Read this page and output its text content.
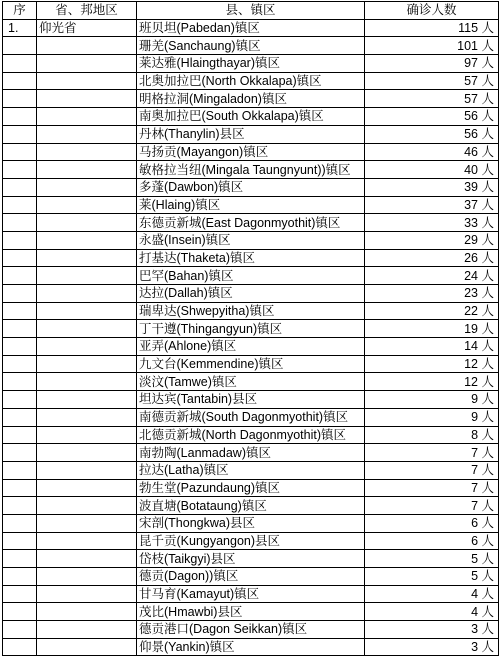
序	省、邦地区	县、镇区	确诊人数
1.	仰光省	班贝坦(Pabedan)镇区	115 人
		珊羌(Sanchaung)镇区	101 人
		莱达雅(Hlaingthayar)镇区	97 人
		北奥加拉巴(North Okkalapa)镇区	57 人
		明格拉洞(Mingaladon)镇区	57 人
		南奥加拉巴(South Okkalapa)镇区	56 人
		丹林(Thanylin)县区	56 人
		马扬贡(Mayangon)镇区	46 人
		敏格拉当纽(Mingala Taungnyunt))镇区	40 人
		多蓬(Dawbon)镇区	39 人
		莱(Hlaing)镇区	37 人
		东德贡新城(East Dagonmyothit)镇区	33 人
		永盛(Insein)镇区	29 人
		打基达(Thaketa)镇区	26 人
		巴罕(Bahan)镇区	24 人
		达拉(Dallah)镇区	23 人
		瑞卑达(Shwepyitha)镇区	22 人
		丁干遵(Thingangyun)镇区	19 人
		亚弄(Ahlone)镇区	14 人
		九文台(Kemmendine)镇区	12 人
		淡汶(Tamwe)镇区	12 人
		坦达宾(Tantabin)县区	9 人
		南德贡新城(South Dagonmyothit)镇区	9 人
		北德贡新城(North Dagonmyothit)镇区	8 人
		南勃陶(Lanmadaw)镇区	7 人
		拉达(Latha)镇区	7 人
		勃生堂(Pazundaung)镇区	7 人
		波直塘(Botataung)镇区	7 人
		宋剖(Thongkwa)县区	6 人
		昆千贡(Kungyangon)县区	6 人
		岱枝(Taikgyi)县区	5 人
		德贡(Dagon))镇区	5 人
		甘马育(Kamayut)镇区	4 人
		茂比(Hmawbi)县区	4 人
		德贡港口(Dagon Seikkan)镇区	3 人
		仰景(Yankin)镇区	3 人
